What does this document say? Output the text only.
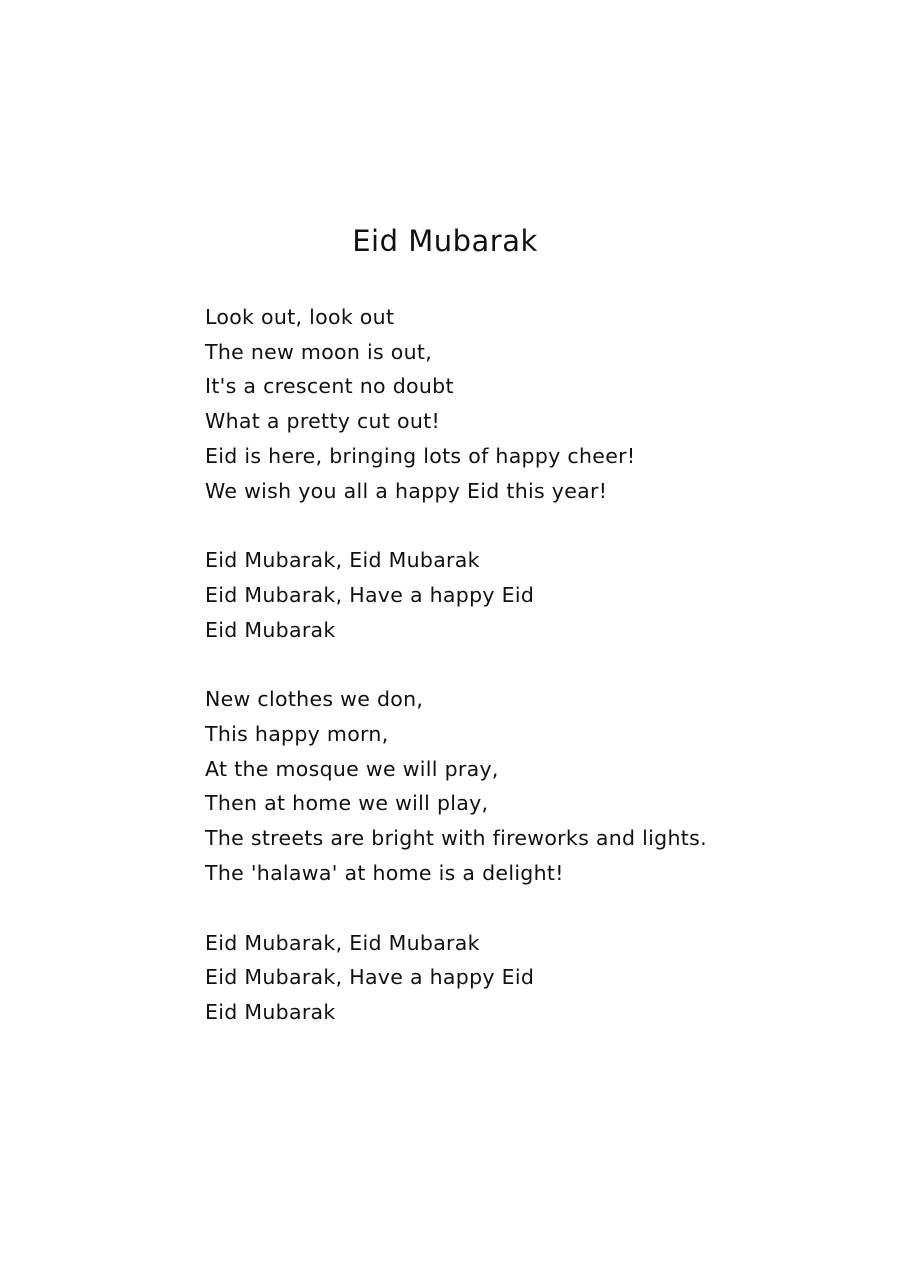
Eid Mubarak
Look out, look out
The new moon is out,
It's a crescent no doubt
What a pretty cut out!
Eid is here, bringing lots of happy cheer!
We wish you all a happy Eid this year!
Eid Mubarak, Eid Mubarak
Eid Mubarak, Have a happy Eid
Eid Mubarak
New clothes we don,
This happy morn,
At the mosque we will pray,
Then at home we will play,
The streets are bright with fireworks and lights.
The 'halawa' at home is a delight!
Eid Mubarak, Eid Mubarak
Eid Mubarak, Have a happy Eid
Eid Mubarak
